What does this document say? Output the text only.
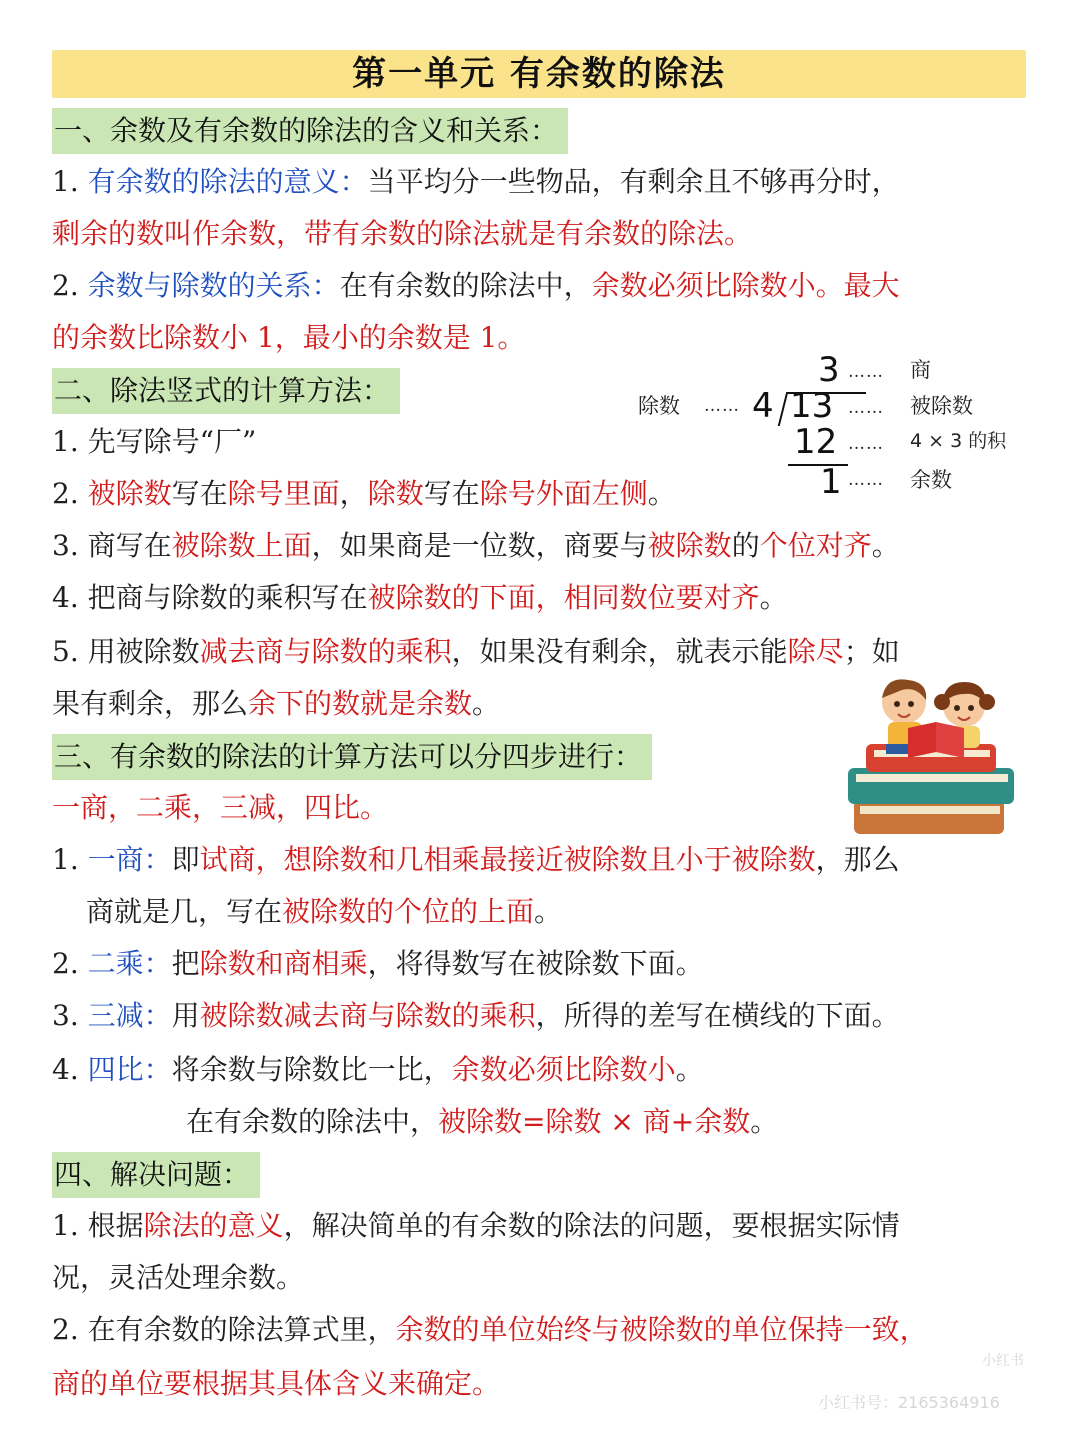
第一单元 有余数的除法
一、余数及有余数的除法的含义和关系：
1. 有余数的除法的意义：当平均分一些物品，有剩余且不够再分时，
剩余的数叫作余数，带有余数的除法就是有余数的除法。
2. 余数与除数的关系：在有余数的除法中，余数必须比除数小。最大
的余数比除数小 1，最小的余数是 1。
二、除法竖式的计算方法：
1. 先写除号“厂”
2. 被除数写在除号里面，除数写在除号外面左侧。
3. 商写在被除数上面，如果商是一位数，商要与被除数的个位对齐。
4. 把商与除数的乘积写在被除数的下面，相同数位要对齐。
5. 用被除数减去商与除数的乘积，如果没有剩余，就表示能除尽；如
果有剩余，那么余下的数就是余数。
3 …… 商
除数 …… 4 13 …… 被除数
12 …… 4 × 3 的积
1 …… 余数
三、有余数的除法的计算方法可以分四步进行：
一商，二乘，三减，四比。
1. 一商：即试商，想除数和几相乘最接近被除数且小于被除数，那么
商就是几，写在被除数的个位的上面。
2. 二乘：把除数和商相乘，将得数写在被除数下面。
3. 三减：用被除数减去商与除数的乘积，所得的差写在横线的下面。
4. 四比：将余数与除数比一比，余数必须比除数小。
在有余数的除法中，被除数=除数 × 商+余数。
四、解决问题：
1. 根据除法的意义，解决简单的有余数的除法的问题，要根据实际情
况，灵活处理余数。
2. 在有余数的除法算式里，余数的单位始终与被除数的单位保持一致，
商的单位要根据其具体含义来确定。
小红书
小红书号：2165364916
